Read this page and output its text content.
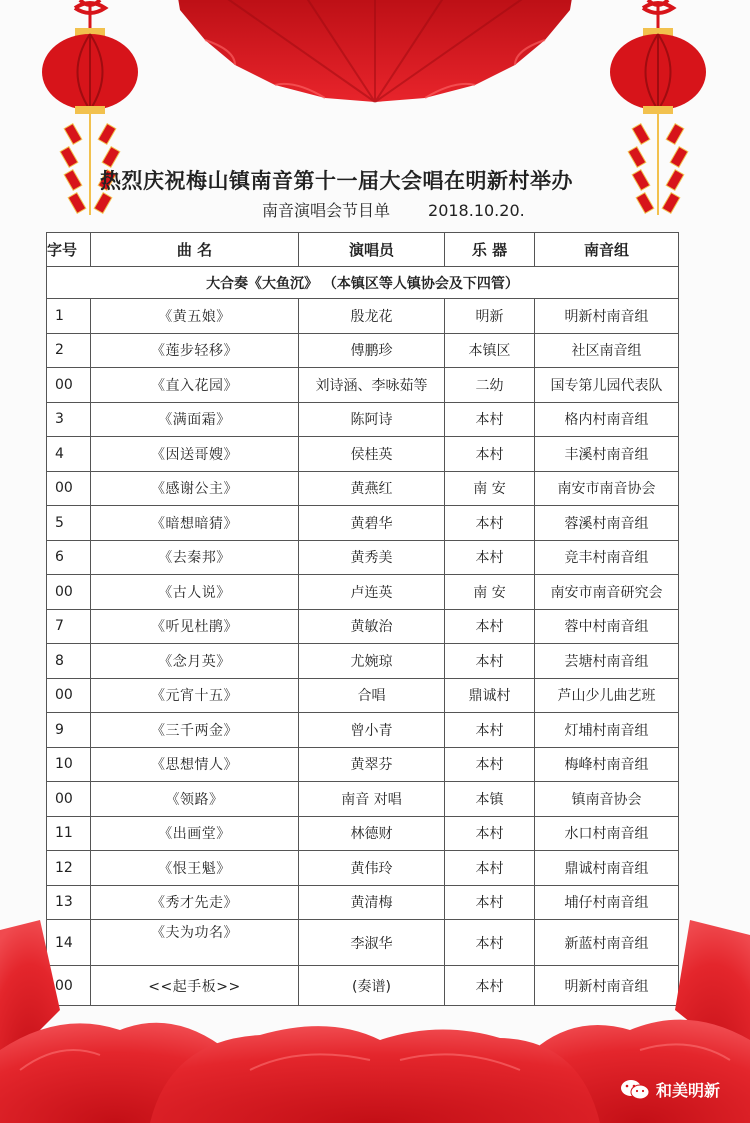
热烈庆祝梅山镇南音第十一届大会唱在明新村举办
南音演唱会节目单 2018.10.20.
字号	曲 名	演唱员	乐 器	南音组
大合奏《大鱼沉》 （本镇区等人镇协会及下四管）				
1	《黄五娘》	殷龙花	明新	明新村南音组
2	《莲步轻移》	傅鹏珍	本镇区	社区南音组
00	《直入花园》	刘诗涵、李咏茹等	二幼	国专第儿园代表队
3	《满面霜》	陈阿诗	本村	格内村南音组
4	《因送哥嫂》	侯桂英	本村	丰溪村南音组
00	《感谢公主》	黄燕红	南 安	南安市南音协会
5	《暗想暗猜》	黄碧华	本村	蓉溪村南音组
6	《去秦邦》	黄秀美	本村	竞丰村南音组
00	《古人说》	卢连英	南 安	南安市南音研究会
7	《听见杜鹃》	黄敏治	本村	蓉中村南音组
8	《念月英》	尤婉琼	本村	芸塘村南音组
00	《元宵十五》	合唱	鼎诚村	芦山少儿曲艺班
9	《三千两金》	曾小青	本村	灯埔村南音组
10	《思想情人》	黄翠芬	本村	梅峰村南音组
00	《领路》	南音 对唱	本镇	镇南音协会
11	《出画堂》	林德财	本村	水口村南音组
12	《恨王魁》	黄伟玲	本村	鼎诚村南音组
13	《秀才先走》	黄清梅	本村	埔仔村南音组
14	《夫为功名》	李淑华	本村	新蓝村南音组
00	<<起手板>>	(奏谱)	本村	明新村南音组
和美明新
